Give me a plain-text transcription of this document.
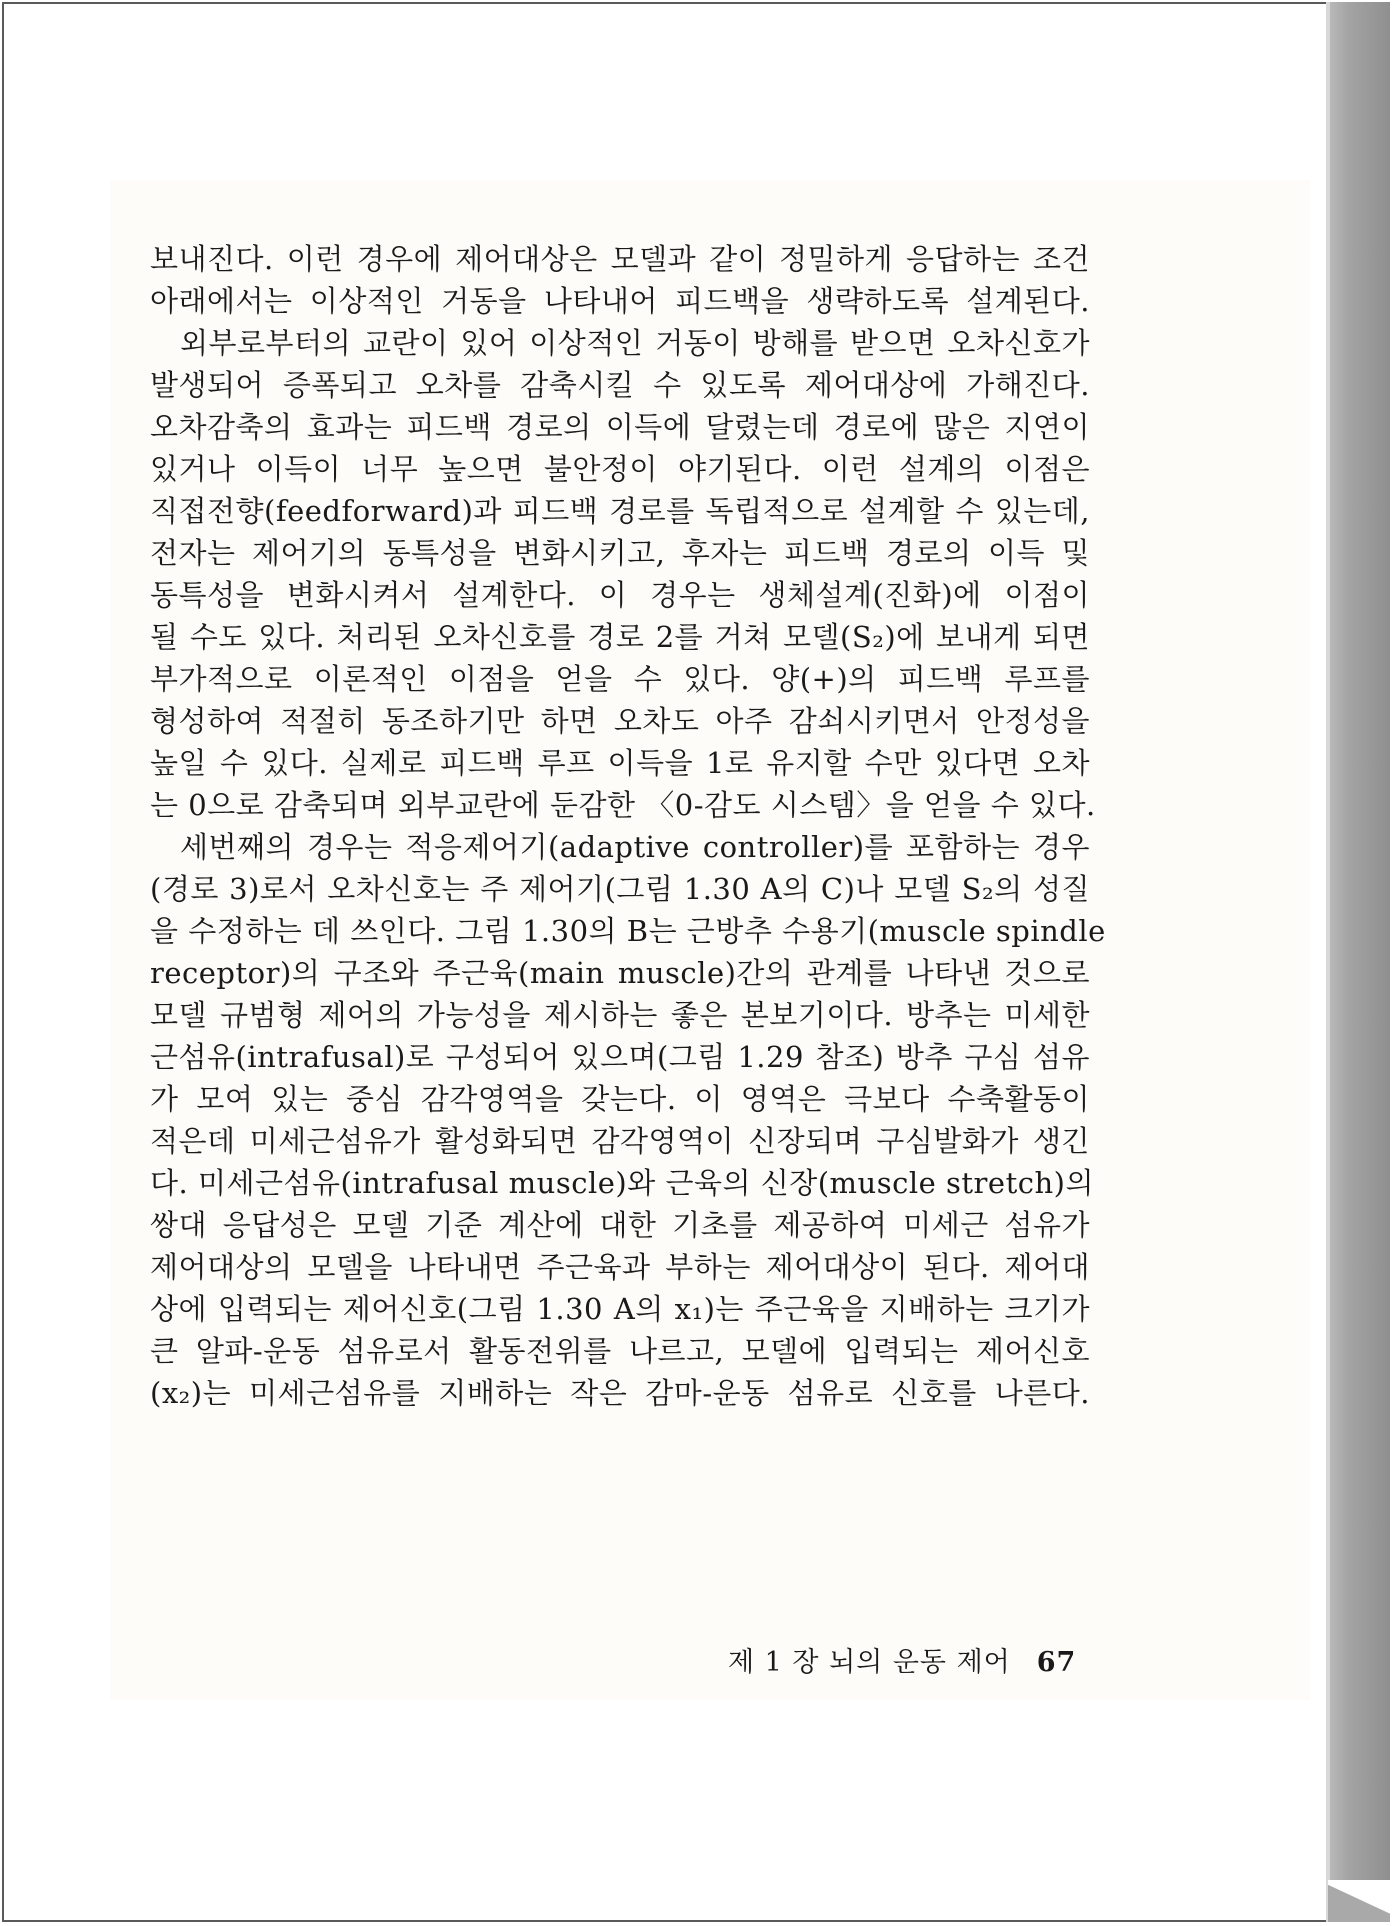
보내진다. 이런 경우에 제어대상은 모델과 같이 정밀하게 응답하는 조건

아래에서는 이상적인 거동을 나타내어 피드백을 생략하도록 설계된다.

외부로부터의 교란이 있어 이상적인 거동이 방해를 받으면 오차신호가

발생되어 증폭되고 오차를 감축시킬 수 있도록 제어대상에 가해진다.

오차감축의 효과는 피드백 경로의 이득에 달렸는데 경로에 많은 지연이

있거나 이득이 너무 높으면 불안정이 야기된다. 이런 설계의 이점은

직접전향(feedforward)과 피드백 경로를 독립적으로 설계할 수 있는데,

전자는 제어기의 동특성을 변화시키고, 후자는 피드백 경로의 이득 및

동특성을 변화시켜서 설계한다. 이 경우는 생체설계(진화)에 이점이

될 수도 있다. 처리된 오차신호를 경로 2를 거쳐 모델(S₂)에 보내게 되면

부가적으로 이론적인 이점을 얻을 수 있다. 양(+)의 피드백 루프를

형성하여 적절히 동조하기만 하면 오차도 아주 감쇠시키면서 안정성을

높일 수 있다. 실제로 피드백 루프 이득을 1로 유지할 수만 있다면 오차

는 0으로 감축되며 외부교란에 둔감한 〈0-감도 시스템〉을 얻을 수 있다.

세번째의 경우는 적응제어기(adaptive controller)를 포함하는 경우

(경로 3)로서 오차신호는 주 제어기(그림 1.30 A의 C)나 모델 S₂의 성질

을 수정하는 데 쓰인다. 그림 1.30의 B는 근방추 수용기(muscle spindle

receptor)의 구조와 주근육(main muscle)간의 관계를 나타낸 것으로

모델 규범형 제어의 가능성을 제시하는 좋은 본보기이다. 방추는 미세한

근섬유(intrafusal)로 구성되어 있으며(그림 1.29 참조) 방추 구심 섬유

가 모여 있는 중심 감각영역을 갖는다. 이 영역은 극보다 수축활동이

적은데 미세근섬유가 활성화되면 감각영역이 신장되며 구심발화가 생긴

다. 미세근섬유(intrafusal muscle)와 근육의 신장(muscle stretch)의

쌍대 응답성은 모델 기준 계산에 대한 기초를 제공하여 미세근 섬유가

제어대상의 모델을 나타내면 주근육과 부하는 제어대상이 된다. 제어대

상에 입력되는 제어신호(그림 1.30 A의 x₁)는 주근육을 지배하는 크기가

큰 알파-운동 섬유로서 활동전위를 나르고, 모델에 입력되는 제어신호

(x₂)는 미세근섬유를 지배하는 작은 감마-운동 섬유로 신호를 나른다.

제 1 장 뇌의 운동 제어 67
